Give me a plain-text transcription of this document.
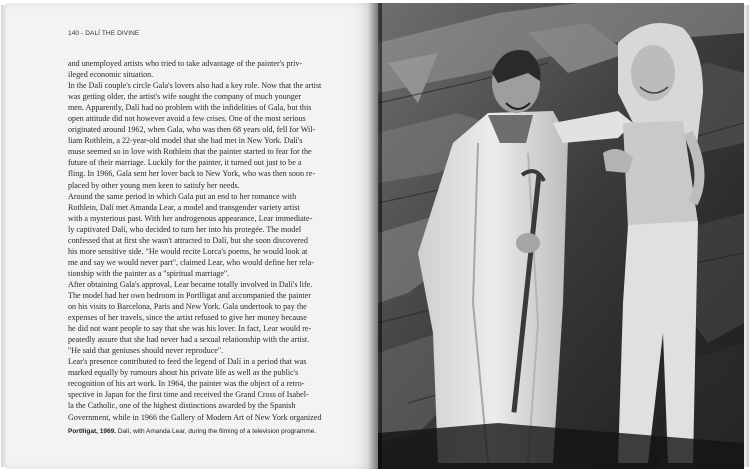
140 - DALÍ THE DIVINE
and unemployed artists who tried to take advantage of the painter's priv-
ileged economic situation.
In the Dalí couple's circle Gala's lovers also had a key role. Now that the artist
was getting older, the artist's wife sought the company of much younger
men. Apparently, Dalí had no problem with the infidelities of Gala, but this
open attitude did not however avoid a few crises. One of the most serious
originated around 1962, when Gala, who was then 68 years old, fell for Wil-
liam Rothlein, a 22-year-old model that she had met in New York. Dalí's
muse seemed so in love with Rothlein that the painter started to fear for the
future of their marriage. Luckily for the painter, it turned out just to be a
fling. In 1966, Gala sent her lover back to New York, who was then soon re-
placed by other young men keen to satisfy her needs.
Around the same period in which Gala put an end to her romance with
Rothlein, Dalí met Amanda Lear, a model and transgender variety artist
with a mysterious past. With her androgenous appearance, Lear immediate-
ly captivated Dalí, who decided to turn her into his protegée. The model
confessed that at first she wasn't attracted to Dalí, but she soon discovered
his more sensitive side. "He would recite Lorca's poems, he would look at
me and say we would never part", claimed Lear, who would define her rela-
tionship with the painter as a "spiritual marriage".
After obtaining Gala's approval, Lear became totally involved in Dalí's life.
The model had her own bedroom in Portlligat and accompanied the painter
on his visits to Barcelona, Paris and New York. Gala undertook to pay the
expenses of her travels, since the artist refused to give her money because
he did not want people to say that she was his lover. In fact, Lear would re-
peatedly assure that she had never had a sexual relationship with the artist.
"He said that geniuses should never reproduce".
Lear's presence contributed to feed the legend of Dalí in a period that was
marked equally by rumours about his private life as well as the public's
recognition of his art work. In 1964, the painter was the object of a retro-
spective in Japan for the first time and received the Grand Cross of Isabel-
la the Catholic, one of the highest distinctions awarded by the Spanish
Government, while in 1966 the Gallery of Modern Art of New York organized
Portlligat, 1969. Dalí, with Amanda Lear, during the filming of a television programme.
